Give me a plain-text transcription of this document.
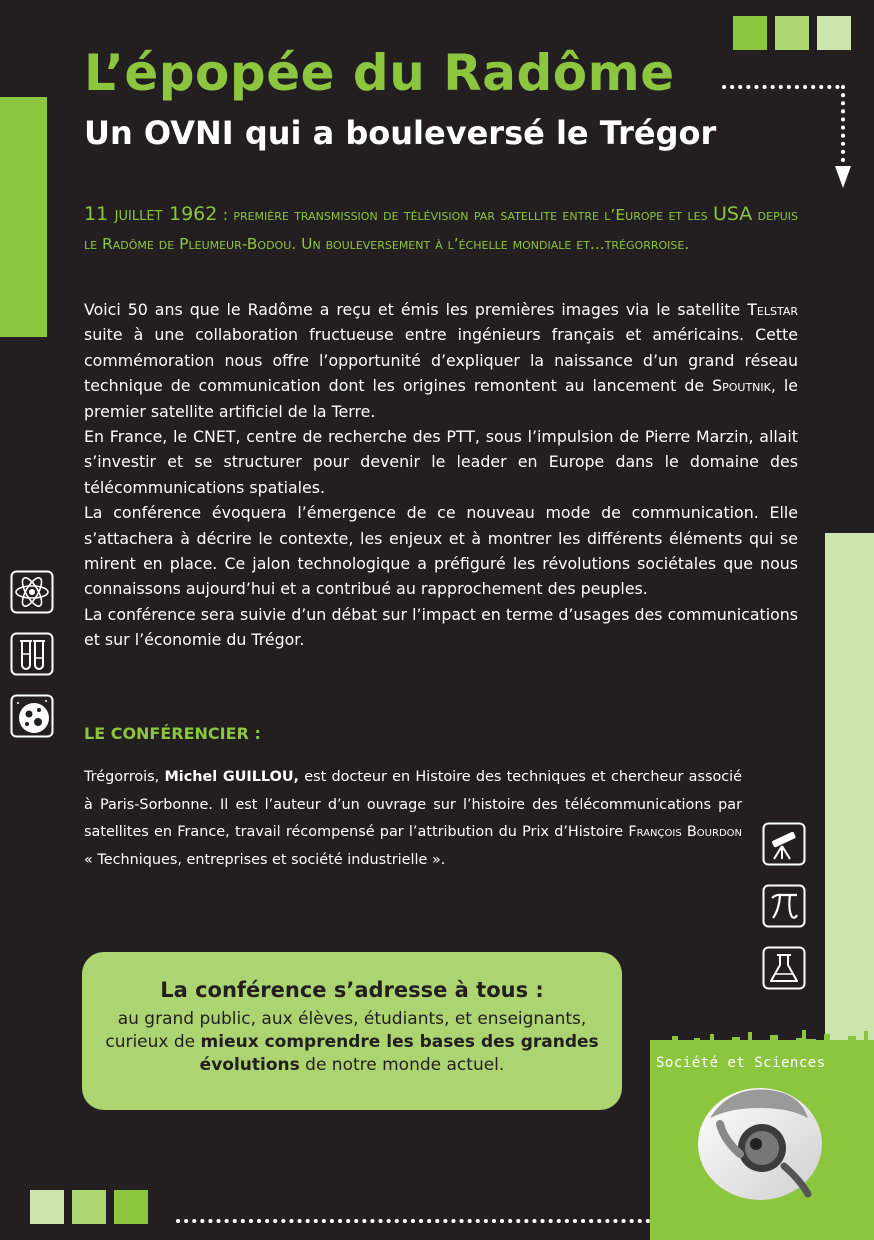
L’épopée du Radôme
Un OVNI qui a bouleversé le Trégor
11 juillet 1962 : première transmission de télévision par satellite entre l’Europe et les USA depuis le Radôme de Pleumeur-Bodou. Un bouleversement à l’échelle mondiale et...trégorroise.

Voici 50 ans que le Radôme a reçu et émis les premières images via le satellite Telstar suite à une collaboration fructueuse entre ingénieurs français et américains. Cette commémoration nous offre l’opportunité d’expliquer la naissance d’un grand réseau technique de communication dont les origines remontent au lancement de Spoutnik, le premier satellite artificiel de la Terre.

En France, le CNET, centre de recherche des PTT, sous l’impulsion de Pierre Marzin, allait s’investir et se structurer pour devenir le leader en Europe dans le domaine des télécommunications spatiales.

La conférence évoquera l’émergence de ce nouveau mode de communication. Elle s’attachera à décrire le contexte, les enjeux et à montrer les différents éléments qui se mirent en place. Ce jalon technologique a préfiguré les révolutions sociétales que nous connaissons aujourd’hui et a contribué au rapprochement des peuples.

La conférence sera suivie d’un débat sur l’impact en terme d’usages des communications et sur l’économie du Trégor.

LE CONFÉRENCIER :
Trégorrois, Michel GUILLOU, est docteur en Histoire des techniques et chercheur associé à Paris-Sorbonne. Il est l’auteur d’un ouvrage sur l’histoire des télécommunications par satellites en France, travail récompensé par l’attribution du Prix d’Histoire François Bourdon « Techniques, entreprises et société industrielle ».
La conférence s’adresse à tous :
au grand public, aux élèves, étudiants, et enseignants, curieux de mieux comprendre les bases des grandes évolutions de notre monde actuel.	Société et Sciences
